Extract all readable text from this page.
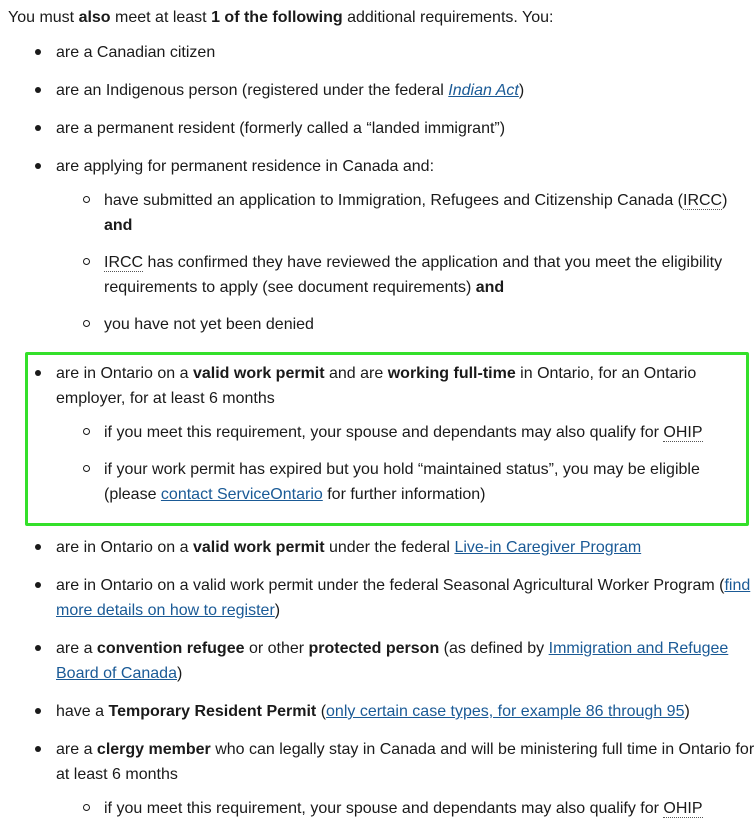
You must also meet at least 1 of the following additional requirements. You:

are a Canadian citizen
are an Indigenous person (registered under the federal Indian Act)
are a permanent resident (formerly called a “landed immigrant”)
are applying for permanent residence in Canada and:
have submitted an application to Immigration, Refugees and Citizenship Canada (IRCC) and
IRCC has confirmed they have reviewed the application and that you meet the eligibility requirements to apply (see document requirements) and
you have not yet been denied
are in Ontario on a valid work permit and are working full-time in Ontario, for an Ontario employer, for at least 6 months
if you meet this requirement, your spouse and dependants may also qualify for OHIP
if your work permit has expired but you hold “maintained status”, you may be eligible (please contact ServiceOntario for further information)
are in Ontario on a valid work permit under the federal Live-in Caregiver Program
are in Ontario on a valid work permit under the federal Seasonal Agricultural Worker Program (find more details on how to register)
are a convention refugee or other protected person (as defined by Immigration and Refugee Board of Canada)
have a Temporary Resident Permit (only certain case types, for example 86 through 95)
are a clergy member who can legally stay in Canada and will be ministering full time in Ontario for at least 6 months
if you meet this requirement, your spouse and dependants may also qualify for OHIP
